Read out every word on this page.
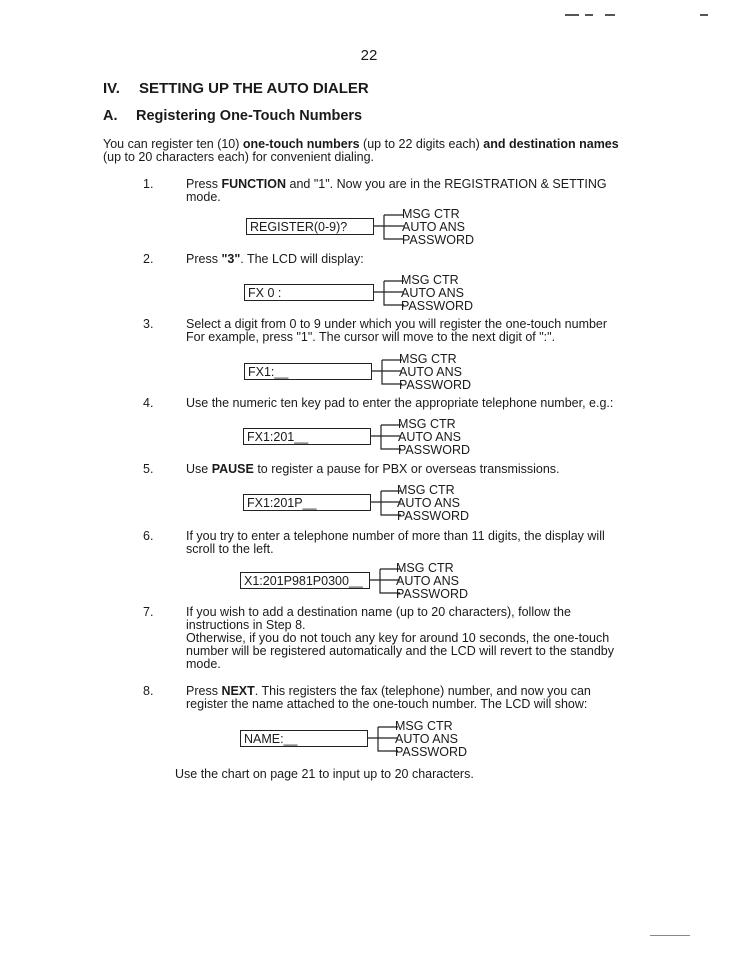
22
IV. SETTING UP THE AUTO DIALER
A. Registering One-Touch Numbers
You can register ten (10) one-touch numbers (up to 22 digits each) and destination names (up to 20 characters each) for convenient dialing.
1.	Press FUNCTION and "1". Now you are in the REGISTRATION & SETTING mode.
2.	Press "3". The LCD will display:
3.	Select a digit from 0 to 9 under which you will register the one-touch number For example, press "1". The cursor will move to the next digit of ":".
4.	Use the numeric ten key pad to enter the appropriate telephone number, e.g.:
5.	Use PAUSE to register a pause for PBX or overseas transmissions.
6.	If you try to enter a telephone number of more than 11 digits, the display will scroll to the left.
7.	If you wish to add a destination name (up to 20 characters), follow the instructions in Step 8.
Otherwise, if you do not touch any key for around 10 seconds, the one-touch number will be registered automatically and the LCD will revert to the standby mode.
8.	Press NEXT. This registers the fax (telephone) number, and now you can register the name attached to the one-touch number. The LCD will show:
Use the chart on page 21 to input up to 20 characters.
REGISTER(0-9)?
MSG CTR
AUTO ANS
PASSWORD
FX 0 :
MSG CTR
AUTO ANS
PASSWORD
FX1:__
MSG CTR
AUTO ANS
PASSWORD
FX1:201__
MSG CTR
AUTO ANS
PASSWORD
FX1:201P__
MSG CTR
AUTO ANS
PASSWORD
X1:201P981P0300__
MSG CTR
AUTO ANS
PASSWORD
NAME:__
MSG CTR
AUTO ANS
PASSWORD
